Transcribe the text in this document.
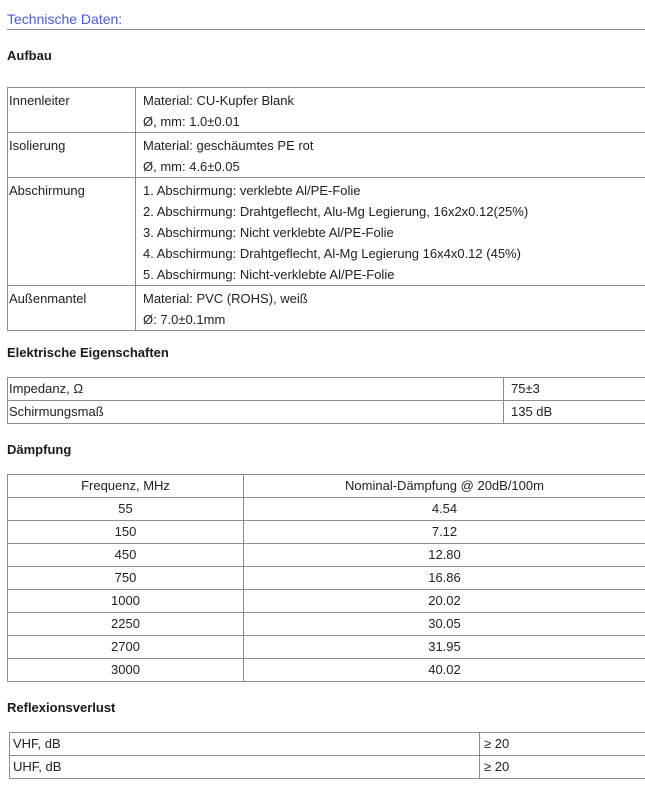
Technische Daten:
Aufbau
Innenleiter	Material: CU-Kupfer Blank
Ø, mm: 1.0±0.01

Isolierung	Material: geschäumtes PE rot
Ø, mm: 4.6±0.05

Abschirmung	1. Abschirmung: verklebte Al/PE-Folie
2. Abschirmung: Drahtgeflecht, Alu-Mg Legierung, 16x2x0.12(25%)
3. Abschirmung: Nicht verklebte Al/PE-Folie
4. Abschirmung: Drahtgeflecht, Al-Mg Legierung 16x4x0.12 (45%)
5. Abschirmung: Nicht-verklebte Al/PE-Folie

Außenmantel	Material: PVC (ROHS), weiß
Ø: 7.0±0.1mm
Elektrische Eigenschaften
Impedanz, Ω	75±3
Schirmungsmaß	135 dB
Dämpfung
Frequenz, MHz	Nominal-Dämpfung @ 20dB/100m
55	4.54
150	7.12
450	12.80
750	16.86
1000	20.02
2250	30.05
2700	31.95
3000	40.02
Reflexionsverlust
VHF, dB	≥ 20
UHF, dB	≥ 20
